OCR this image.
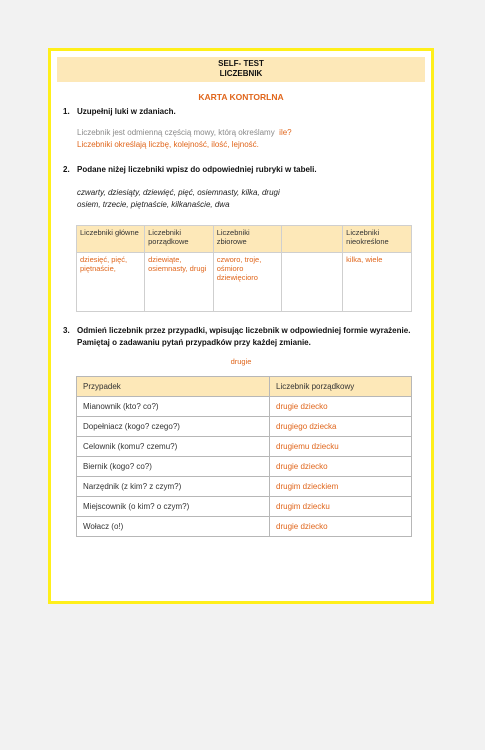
SELF- TEST
LICZEBNIK
KARTA KONTORLNA
1. Uzupełnij luki w zdaniach.
Liczebnik jest odmienną częścią mowy, którą określamy ile?
Liczebniki określają liczbę, kolejność, ilość, lejność.
2. Podane niżej liczebniki wpisz do odpowiedniej rubryki w tabeli.
czwarty, dziesiąty, dziewięć, pięć, osiemnasty, kilka, drugi
osiem, trzecie, piętnaście, kilkanaście, dwa
Liczebniki główne	Liczebniki porządkowe	Liczebniki zbiorowe		Liczebniki nieokreślone
dziesięć, pięć, piętnaście,	dziewiąte, osiemnasty, drugi	czworo, troje, ośmioro dziewięcioro		kilka, wiele
3. Odmień liczebnik przez przypadki, wpisując liczebnik w odpowiedniej formie wyrażenie.
Pamiętaj o zadawaniu pytań przypadków przy każdej zmianie.
drugie
Przypadek	Liczebnik porządkowy
Mianownik (kto? co?)	drugie dziecko
Dopełniacz (kogo? czego?)	drugiego dziecka
Celownik (komu? czemu?)	drugiemu dziecku
Biernik (kogo? co?)	drugie dziecko
Narzędnik (z kim? z czym?)	drugim dzieckiem
Miejscownik (o kim? o czym?)	drugim dziecku
Wołacz (o!)	drugie dziecko
